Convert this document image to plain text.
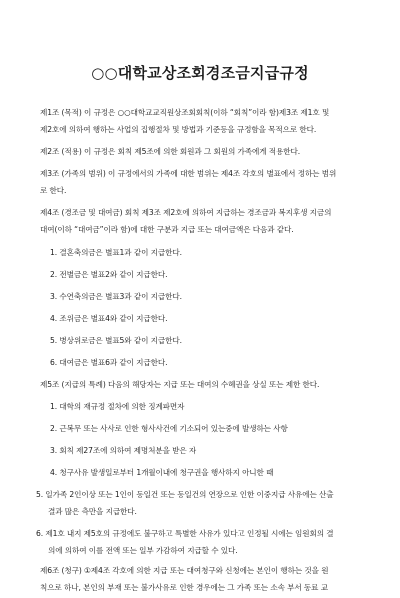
○○대학교상조회경조금지급규정
제1조 (목적) 이 규정은 ○○대학교교직원상조회회칙(이하 “회칙”이라 함)제3조 제1호 및
제2호에 의하여 행하는 사업의 집행절차 및 방법과 기준등을 규정함을 목적으로 한다.
제2조 (적용) 이 규정은 회칙 제5조에 의한 회원과 그 회원의 가족에게 적용한다.
제3조 (가족의 범위) 이 규정에서의 가족에 대한 범위는 제4조 각호의 별표에서 정하는 범위
로 한다.
제4조 (경조금 및 대여금) 회칙 제3조 제2호에 의하여 지급하는 경조금과 복지후생 지금의
대여(이하 “대여금”이라 함)에 대한 구분과 지급 또는 대여금액은 다음과 같다.
1. 결혼축의금은 별표1과 같이 지급한다.
2. 전별금은 별표2와 같이 지급한다.
3. 수연축의금은 별표3과 같이 지급한다.
4. 조위금은 별표4와 같이 지급한다.
5. 병상위로금은 별표5와 같이 지급한다.
6. 대여금은 별표6과 같이 지급한다.
제5조 (지급의 특례) 다음의 해당자는 지급 또는 대여의 수혜권을 상실 또는 제한 한다.
1. 대학의 재규정 절차에 의한 징계파면자
2. 근복무 또는 사사로 인한 형사사건에 기소되어 있는중에 발생하는 사항
3. 회칙 제27조에 의하여 제명처분을 받은 자
4. 청구사유 발생일로부터 1개월이내에 청구권을 행사하지 아니한 때
5. 일가족 2인이상 또는 1인이 동일건 또는 동일건의 연장으로 인한 이중지급 사유에는 산출
결과 많은 측만을 지급한다.
6. 제1호 내지 제5호의 규정에도 불구하고 특별한 사유가 있다고 인정될 시에는 임원회의 결
의에 의하여 이를 전액 또는 일부 가감하여 지급할 수 있다.
제6조 (청구) ①제4조 각호에 의한 지급 또는 대여청구와 신청에는 본인이 행하는 것을 원
칙으로 하나, 본인의 부재 또는 불가사유로 인한 경우에는 그 가족 또는 소속 부서 동료 교
